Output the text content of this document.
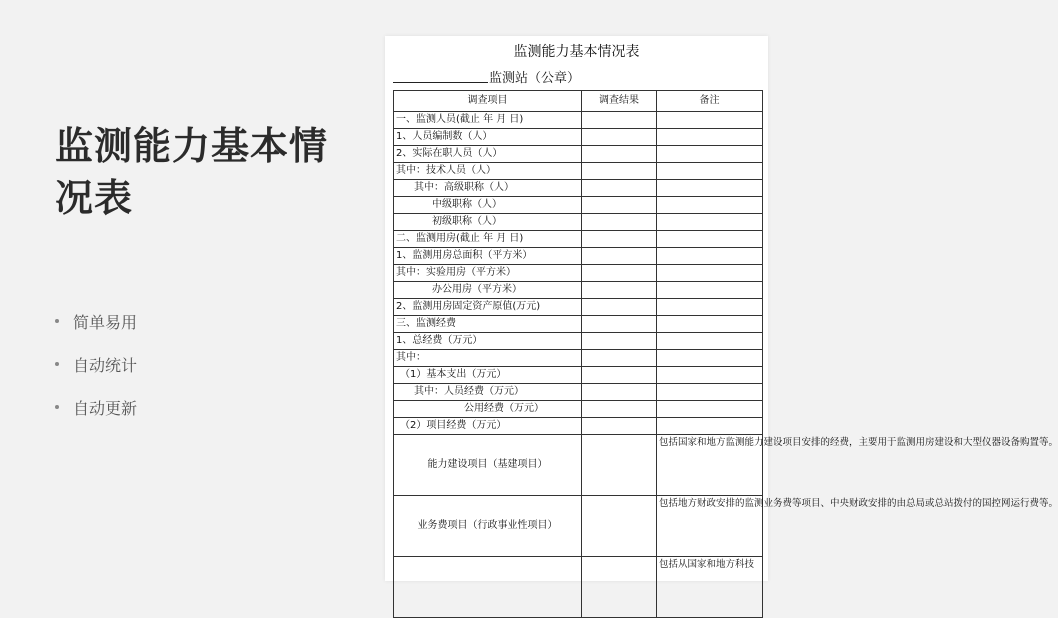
监测能力基本情况表
简单易用
自动统计
自动更新
监测能力基本情况表
监测站（公章）
调查项目	调查结果	备注
一、监测人员(截止 年 月 日)		
1、人员编制数（人）		
2、实际在职人员（人）		
其中：技术人员（人）		
其中：高级职称（人）		
中级职称（人）		
初级职称（人）		
二、监测用房(截止 年 月 日)		
1、监测用房总面积（平方米）		
其中：实验用房（平方米）		
办公用房（平方米）		
2、监测用房固定资产原值(万元)		
三、监测经费		
1、总经费（万元）		
其中：		
（1）基本支出（万元）		
其中：人员经费（万元）		
公用经费（万元）		
（2）项目经费（万元）		
能力建设项目（基建项目）		包括国家和地方监测能力建设项目安排的经费，主要用于监测用房建设和大型仪器设备购置等。
业务费项目（行政事业性项目）		包括地方财政安排的监测业务费等项目、中央财政安排的由总局或总站拨付的国控网运行费等。
		包括从国家和地方科技
